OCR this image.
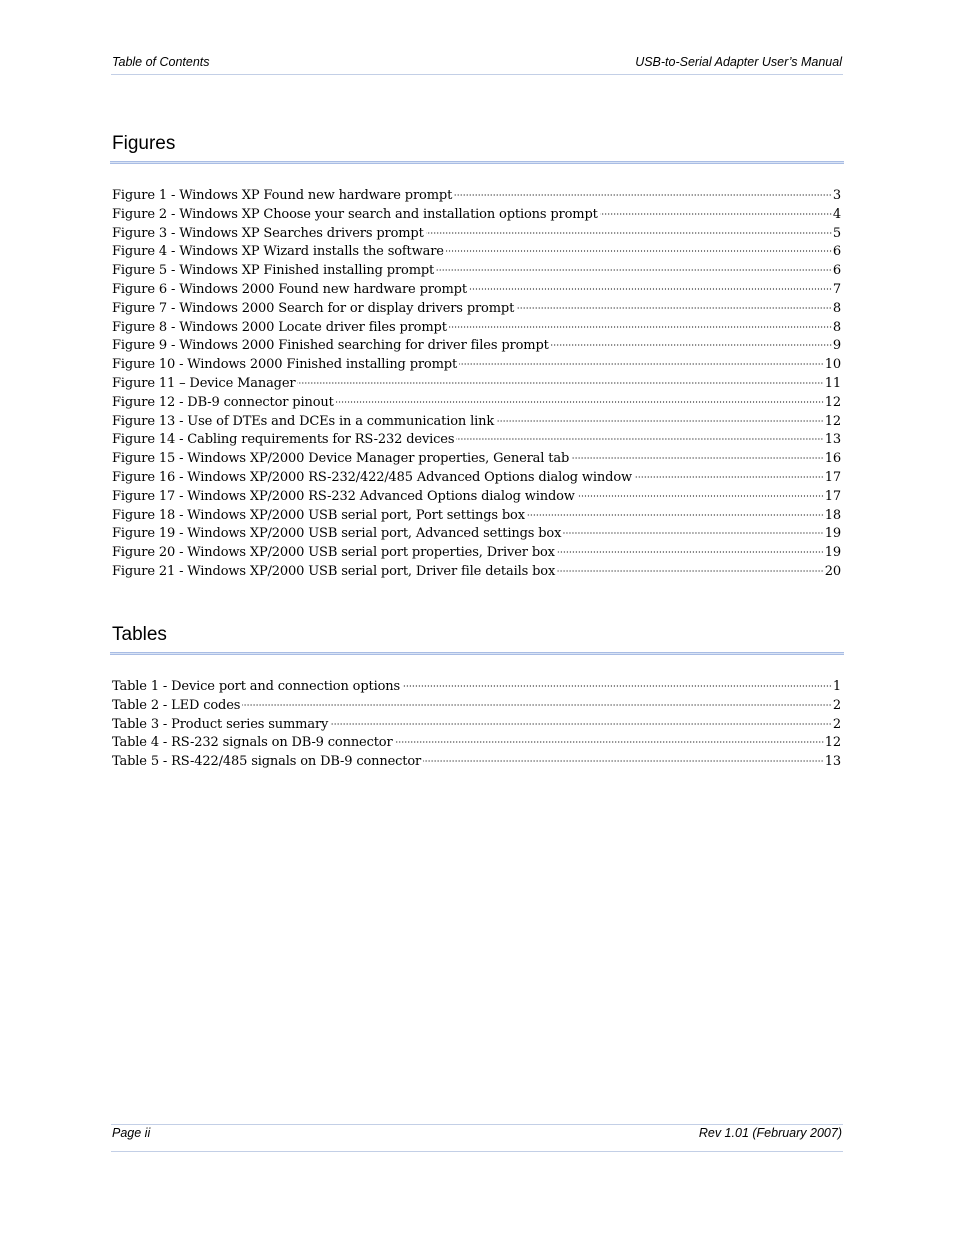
Table of Contents	USB-to-Serial Adapter User’s Manual
Figures
Figure 1 - Windows XP Found new hardware prompt	3
Figure 2 - Windows XP Choose your search and installation options prompt	4
Figure 3 - Windows XP Searches drivers prompt	5
Figure 4 - Windows XP Wizard installs the software	6
Figure 5 - Windows XP Finished installing prompt	6
Figure 6 - Windows 2000 Found new hardware prompt	7
Figure 7 - Windows 2000 Search for or display drivers prompt	8
Figure 8 - Windows 2000 Locate driver files prompt	8
Figure 9 - Windows 2000 Finished searching for driver files prompt	9
Figure 10 - Windows 2000 Finished installing prompt	10
Figure 11 – Device Manager	11
Figure 12 - DB-9 connector pinout	12
Figure 13 - Use of DTEs and DCEs in a communication link	12
Figure 14 - Cabling requirements for RS-232 devices	13
Figure 15 - Windows XP/2000 Device Manager properties, General tab	16
Figure 16 - Windows XP/2000 RS-232/422/485 Advanced Options dialog window	17
Figure 17 - Windows XP/2000 RS-232 Advanced Options dialog window	17
Figure 18 - Windows XP/2000 USB serial port, Port settings box	18
Figure 19 - Windows XP/2000 USB serial port, Advanced settings box	19
Figure 20 - Windows XP/2000 USB serial port properties, Driver box	19
Figure 21 - Windows XP/2000 USB serial port, Driver file details box	20
Tables
Table 1 - Device port and connection options	1
Table 2 - LED codes	2
Table 3 - Product series summary	2
Table 4 - RS-232 signals on DB-9 connector	12
Table 5 - RS-422/485 signals on DB-9 connector	13
Page ii	Rev 1.01 (February 2007)
